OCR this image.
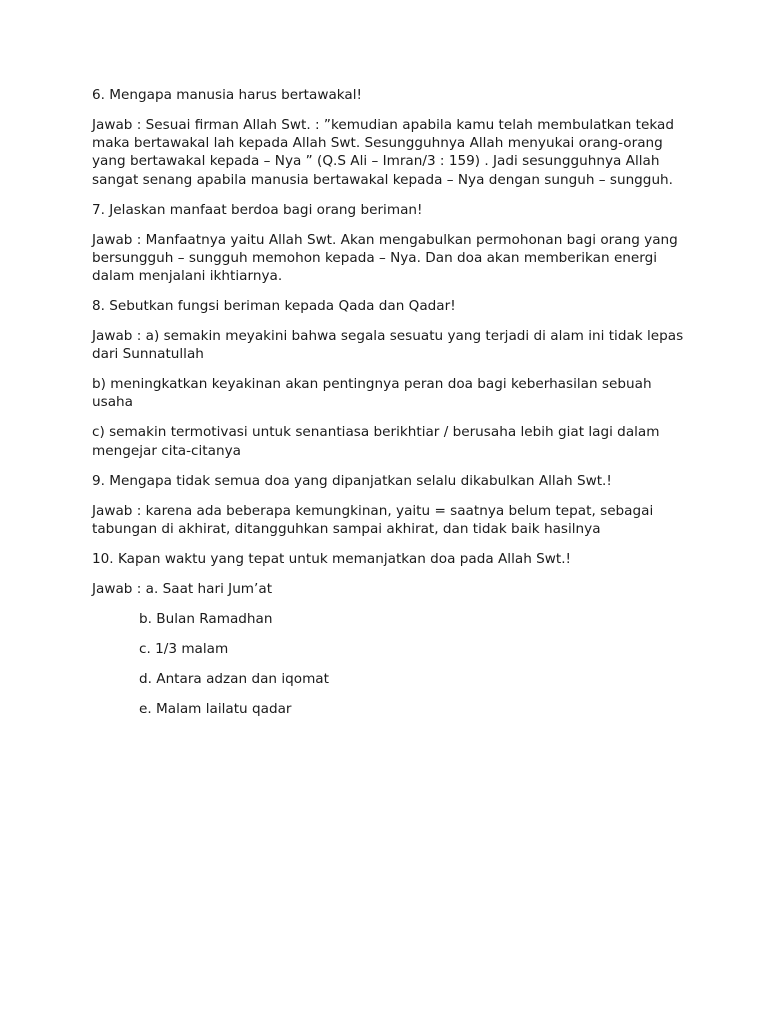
6. Mengapa manusia harus bertawakal!

Jawab : Sesuai firman Allah Swt. : ”kemudian apabila kamu telah membulatkan tekad maka bertawakal lah kepada Allah Swt. Sesungguhnya Allah menyukai orang-orang yang bertawakal kepada – Nya ” (Q.S Ali – Imran/3 : 159) . Jadi sesungguhnya Allah sangat senang apabila manusia bertawakal kepada – Nya dengan sunguh – sungguh.

7. Jelaskan manfaat berdoa bagi orang beriman!

Jawab : Manfaatnya yaitu Allah Swt. Akan mengabulkan permohonan bagi orang yang bersungguh – sungguh memohon kepada – Nya. Dan doa akan memberikan energi dalam menjalani ikhtiarnya.

8. Sebutkan fungsi beriman kepada Qada dan Qadar!

Jawab : a) semakin meyakini bahwa segala sesuatu yang terjadi di alam ini tidak lepas dari Sunnatullah

b) meningkatkan keyakinan akan pentingnya peran doa bagi keberhasilan sebuah usaha

c) semakin termotivasi untuk senantiasa berikhtiar / berusaha lebih giat lagi dalam mengejar cita-citanya

9. Mengapa tidak semua doa yang dipanjatkan selalu dikabulkan Allah Swt.!

Jawab : karena ada beberapa kemungkinan, yaitu = saatnya belum tepat, sebagai tabungan di akhirat, ditangguhkan sampai akhirat, dan tidak baik hasilnya

10. Kapan waktu yang tepat untuk memanjatkan doa pada Allah Swt.!

Jawab : a. Saat hari Jum’at

b. Bulan Ramadhan

c. 1/3 malam

d. Antara adzan dan iqomat

e. Malam lailatu qadar
